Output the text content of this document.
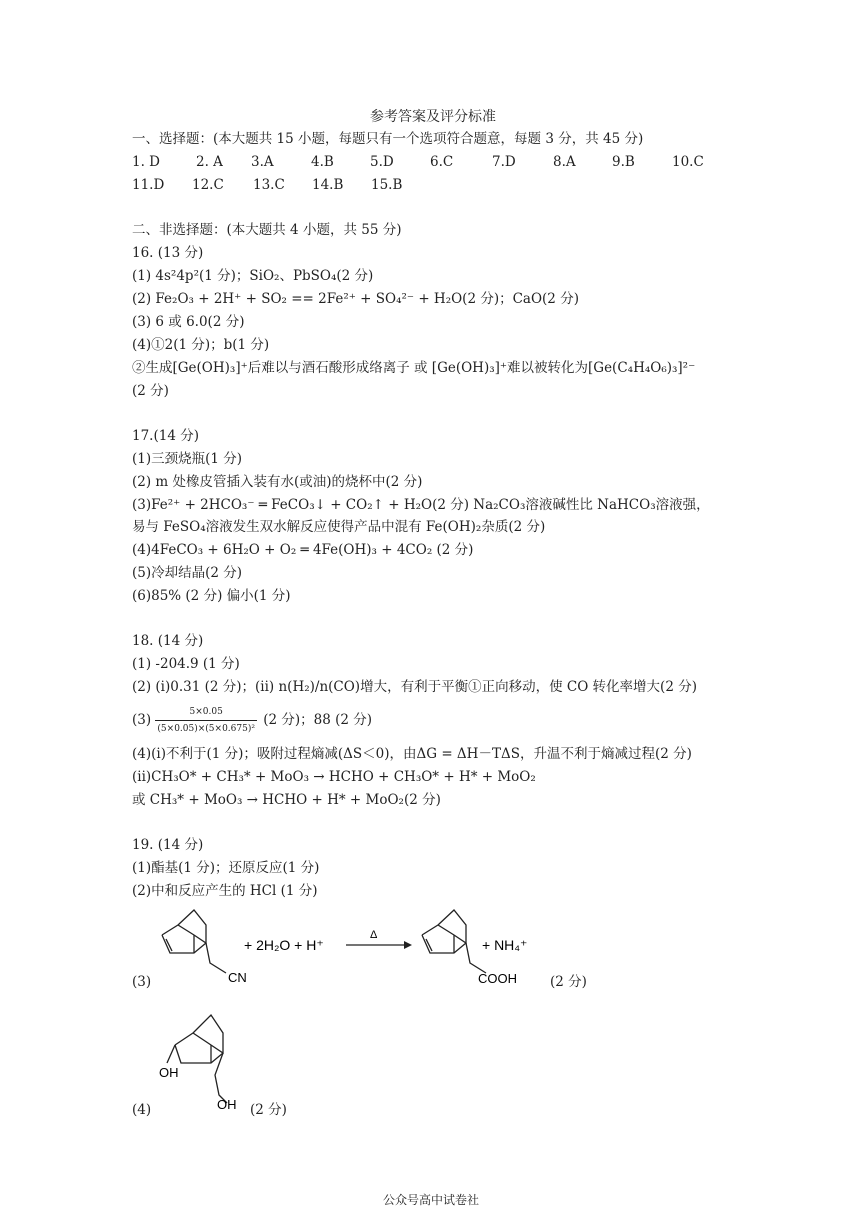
参考答案及评分标准
一、选择题：(本大题共 15 小题，每题只有一个选项符合题意，每题 3 分，共 45 分)
1. D	2. A 3.A	4.B	5.D	6.C	7.D	8.A	9.B	10.C
11.D 12.C 13.C 14.B 15.B
二、非选择题：(本大题共 4 小题，共 55 分)
16. (13 分)
(1) 4s²4p²(1 分)；SiO₂、PbSO₄(2 分)
(2) Fe₂O₃ + 2H⁺ + SO₂ == 2Fe²⁺ + SO₄²⁻ + H₂O(2 分)；CaO(2 分)
(3) 6 或 6.0(2 分)
(4)①2(1 分)；b(1 分)
②生成[Ge(OH)₃]⁺后难以与酒石酸形成络离子 或 [Ge(OH)₃]⁺难以被转化为[Ge(C₄H₄O₆)₃]²⁻
(2 分)
17.(14 分)
(1)三颈烧瓶(1 分)
(2) m 处橡皮管插入装有水(或油)的烧杯中(2 分)
(3)Fe²⁺ + 2HCO₃⁻ ═ FeCO₃↓ + CO₂↑ + H₂O(2 分) Na₂CO₃溶液碱性比 NaHCO₃溶液强，
易与 FeSO₄溶液发生双水解反应使得产品中混有 Fe(OH)₂杂质(2 分)
(4)4FeCO₃ + 6H₂O + O₂ ═ 4Fe(OH)₃ + 4CO₂ (2 分)
(5)冷却结晶(2 分)
(6)85% (2 分) 偏小(1 分)
18. (14 分)
(1) -204.9 (1 分)
(2) (i)0.31 (2 分)；(ii) n(H₂)/n(CO)增大，有利于平衡①正向移动，使 CO 转化率增大(2 分)
$(3) \frac{5\times 0.05}{\text{(5×0.05)×(5×0.675)²}} (2$ 分)；88 (2 分)
(4)(i)不利于(1 分)；吸附过程熵减(ΔS＜0)，由ΔG = ΔH－TΔS，升温不利于熵减过程(2 分)
(ii)CH₃O* + CH₃* + MoO₃ → HCHO + CH₃O* + H* + MoO₂
或 CH₃* + MoO₃ → HCHO + H* + MoO₂(2 分)
19. (14 分)
(1)酯基(1 分)；还原反应(1 分)
(2)中和反应产生的 HCl (1 分)
(3)	CN
+ 2H₂O + H⁺
Δ
COOH
+ NH₄⁺
(2 分)
(4)
OH
OH (2 分)
公众号高中试卷社
